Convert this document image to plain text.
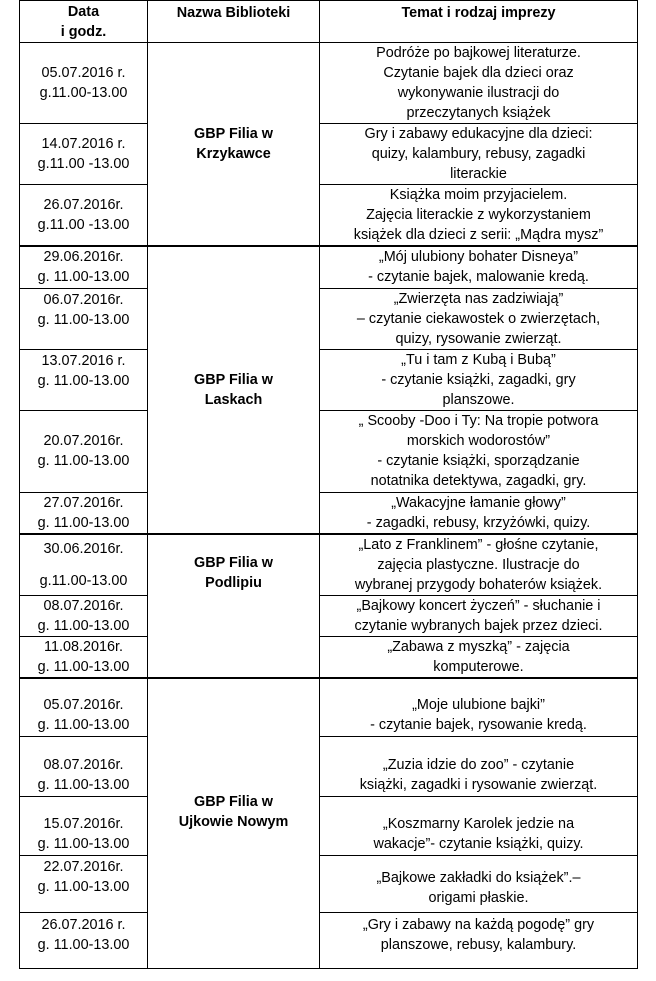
Data
i godz.	Nazwa Biblioteki	Temat i rodzaj imprezy
05.07.2016 r.
g.11.00-13.00	GBP Filia w
Krzykawce	Podróże po bajkowej literaturze.
Czytanie bajek dla dzieci oraz
wykonywanie ilustracji do
przeczytanych książek
14.07.2016 r.
g.11.00 -13.00		Gry i zabawy edukacyjne dla dzieci:
quizy, kalambury, rebusy, zagadki
literackie
26.07.2016r.
g.11.00 -13.00		Książka moim przyjacielem.
Zajęcia literackie z wykorzystaniem
książek dla dzieci z serii: „Mądra mysz”
29.06.2016r.
g. 11.00-13.00	GBP Filia w
Laskach	„Mój ulubiony bohater Disneya”
- czytanie bajek, malowanie kredą.
06.07.2016r.
g. 11.00-13.00		„Zwierzęta nas zadziwiają”
– czytanie ciekawostek o zwierzętach,
quizy, rysowanie zwierząt.
13.07.2016 r.
g. 11.00-13.00		„Tu i tam z Kubą i Bubą”
- czytanie książki, zagadki, gry
planszowe.
20.07.2016r.
g. 11.00-13.00		„ Scooby -Doo i Ty: Na tropie potwora
morskich wodorostów”
- czytanie książki, sporządzanie
notatnika detektywa, zagadki, gry.
27.07.2016r.
g. 11.00-13.00		„Wakacyjne łamanie głowy”
- zagadki, rebusy, krzyżówki, quizy.
30.06.2016r.

g.11.00-13.00	GBP Filia w
Podlipiu	„Lato z Franklinem” - głośne czytanie,
zajęcia plastyczne. Ilustracje do
wybranej przygody bohaterów książek.
08.07.2016r.
g. 11.00-13.00		„Bajkowy koncert życzeń” - słuchanie i
czytanie wybranych bajek przez dzieci.
11.08.2016r.
g. 11.00-13.00		„Zabawa z myszką” - zajęcia
komputerowe.
05.07.2016r.
g. 11.00-13.00	GBP Filia w
Ujkowie Nowym	„Moje ulubione bajki”
- czytanie bajek, rysowanie kredą.
08.07.2016r.
g. 11.00-13.00		„Zuzia idzie do zoo” - czytanie
książki, zagadki i rysowanie zwierząt.
15.07.2016r.
g. 11.00-13.00		„Koszmarny Karolek jedzie na
wakacje”- czytanie książki, quizy.
22.07.2016r.
g. 11.00-13.00		„Bajkowe zakładki do książek”.–
origami płaskie.
26.07.2016 r.
g. 11.00-13.00		„Gry i zabawy na każdą pogodę” gry
planszowe, rebusy, kalambury.
